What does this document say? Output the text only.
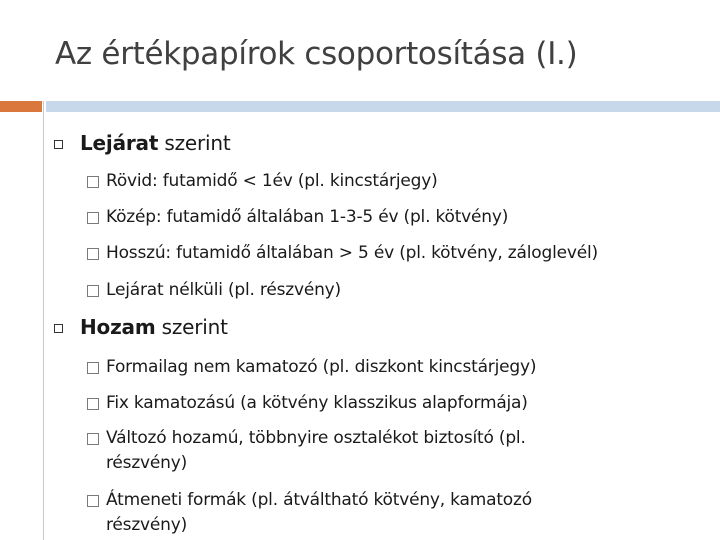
Az értékpapírok csoportosítása (I.)
Lejárat szerint
Rövid: futamidő < 1év (pl. kincstárjegy)
Közép: futamidő általában 1-3-5 év (pl. kötvény)
Hosszú: futamidő általában > 5 év (pl. kötvény, záloglevél)
Lejárat nélküli (pl. részvény)
Hozam szerint
Formailag nem kamatozó (pl. diszkont kincstárjegy)
Fix kamatozású (a kötvény klasszikus alapformája)
Változó hozamú, többnyire osztalékot biztosító (pl.
részvény)
Átmeneti formák (pl. átváltható kötvény, kamatozó
részvény)
